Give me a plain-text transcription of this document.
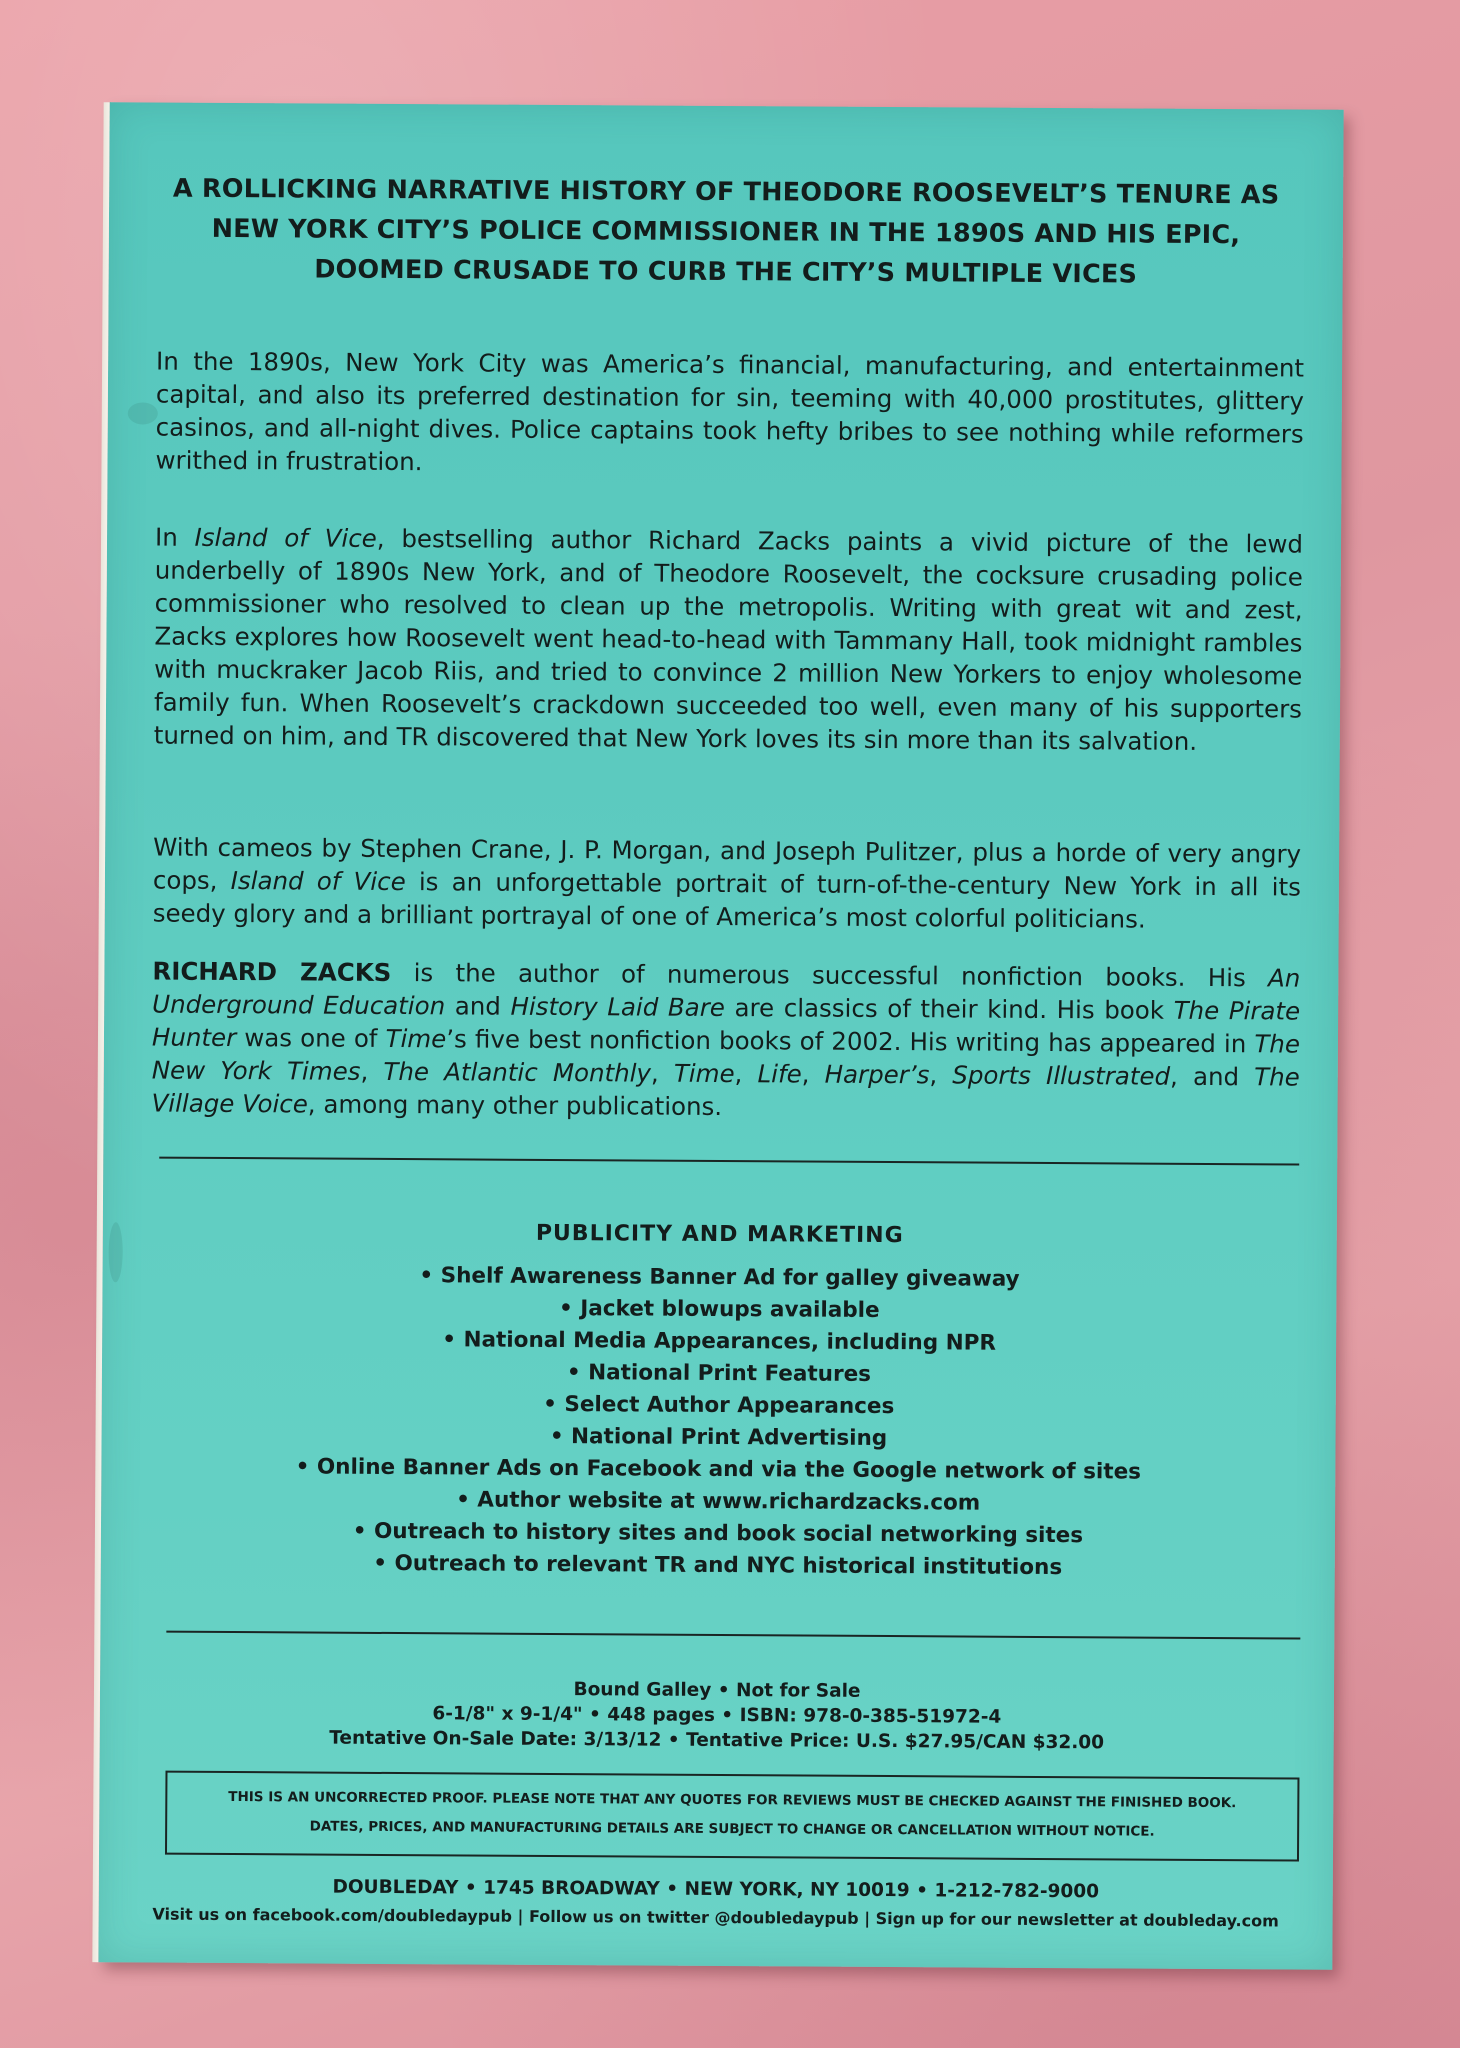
A ROLLICKING NARRATIVE HISTORY OF THEODORE ROOSEVELT’S TENURE AS
NEW YORK CITY’S POLICE COMMISSIONER IN THE 1890S AND HIS EPIC,
DOOMED CRUSADE TO CURB THE CITY’S MULTIPLE VICES
In the 1890s, New York City was America’s financial, manufacturing, and entertainment capital, and also its preferred destination for sin, teeming with 40,000 prostitutes, glittery casinos, and all-night dives. Police captains took hefty bribes to see nothing while reformers writhed in frustration.
In Island of Vice, bestselling author Richard Zacks paints a vivid picture of the lewd underbelly of 1890s New York, and of Theodore Roosevelt, the cocksure crusading police commissioner who resolved to clean up the metropolis. Writing with great wit and zest, Zacks explores how Roosevelt went head-to-head with Tammany Hall, took midnight rambles with muckraker Jacob Riis, and tried to convince 2 million New Yorkers to enjoy wholesome family fun. When Roosevelt’s crackdown succeeded too well, even many of his supporters turned on him, and TR discovered that New York loves its sin more than its salvation.
With cameos by Stephen Crane, J. P. Morgan, and Joseph Pulitzer, plus a horde of very angry cops, Island of Vice is an unforgettable portrait of turn-of-the-century New York in all its seedy glory and a brilliant portrayal of one of America’s most colorful politicians.
RICHARD ZACKS is the author of numerous successful nonfiction books. His An Underground Education and History Laid Bare are classics of their kind. His book The Pirate Hunter was one of Time’s five best nonfiction books of 2002. His writing has appeared in The New York Times, The Atlantic Monthly, Time, Life, Harper’s, Sports Illustrated, and The Village Voice, among many other publications.
PUBLICITY AND MARKETING
• Shelf Awareness Banner Ad for galley giveaway
• Jacket blowups available
• National Media Appearances, including NPR
• National Print Features
• Select Author Appearances
• National Print Advertising
• Online Banner Ads on Facebook and via the Google network of sites
• Author website at www.richardzacks.com
• Outreach to history sites and book social networking sites
• Outreach to relevant TR and NYC historical institutions
Bound Galley • Not for Sale
6-1/8" x 9-1/4" • 448 pages • ISBN: 978-0-385-51972-4
Tentative On-Sale Date: 3/13/12 • Tentative Price: U.S. $27.95/CAN $32.00
THIS IS AN UNCORRECTED PROOF. PLEASE NOTE THAT ANY QUOTES FOR REVIEWS MUST BE CHECKED AGAINST THE FINISHED BOOK.
DATES, PRICES, AND MANUFACTURING DETAILS ARE SUBJECT TO CHANGE OR CANCELLATION WITHOUT NOTICE.
DOUBLEDAY • 1745 BROADWAY • NEW YORK, NY 10019 • 1-212-782-9000
Visit us on facebook.com/doubledaypub | Follow us on twitter @doubledaypub | Sign up for our newsletter at doubleday.com
